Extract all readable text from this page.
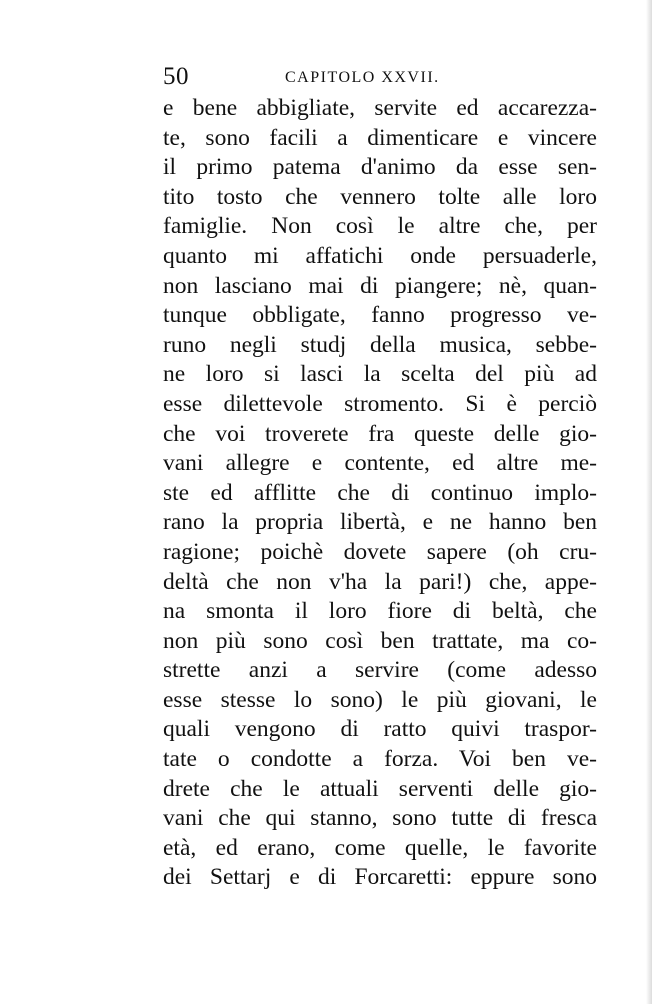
50	CAPITOLO XXVII.
e bene abbigliate, servite ed accarezza-
te, sono facili a dimenticare e vincere
il primo patema d'animo da esse sen-
tito tosto che vennero tolte alle loro
famiglie. Non così le altre che, per
quanto mi affatichi onde persuaderle,
non lasciano mai di piangere; nè, quan-
tunque obbligate, fanno progresso ve-
runo negli studj della musica, sebbe-
ne loro si lasci la scelta del più ad
esse dilettevole stromento. Si è perciò
che voi troverete fra queste delle gio-
vani allegre e contente, ed altre me-
ste ed afflitte che di continuo implo-
rano la propria libertà, e ne hanno ben
ragione; poichè dovete sapere (oh cru-
deltà che non v'ha la pari!) che, appe-
na smonta il loro fiore di beltà, che
non più sono così ben trattate, ma co-
strette anzi a servire (come adesso
esse stesse lo sono) le più giovani, le
quali vengono di ratto quivi traspor-
tate o condotte a forza. Voi ben ve-
drete che le attuali serventi delle gio-
vani che qui stanno, sono tutte di fresca
età, ed erano, come quelle, le favorite
dei Settarj e di Forcaretti: eppure sono
